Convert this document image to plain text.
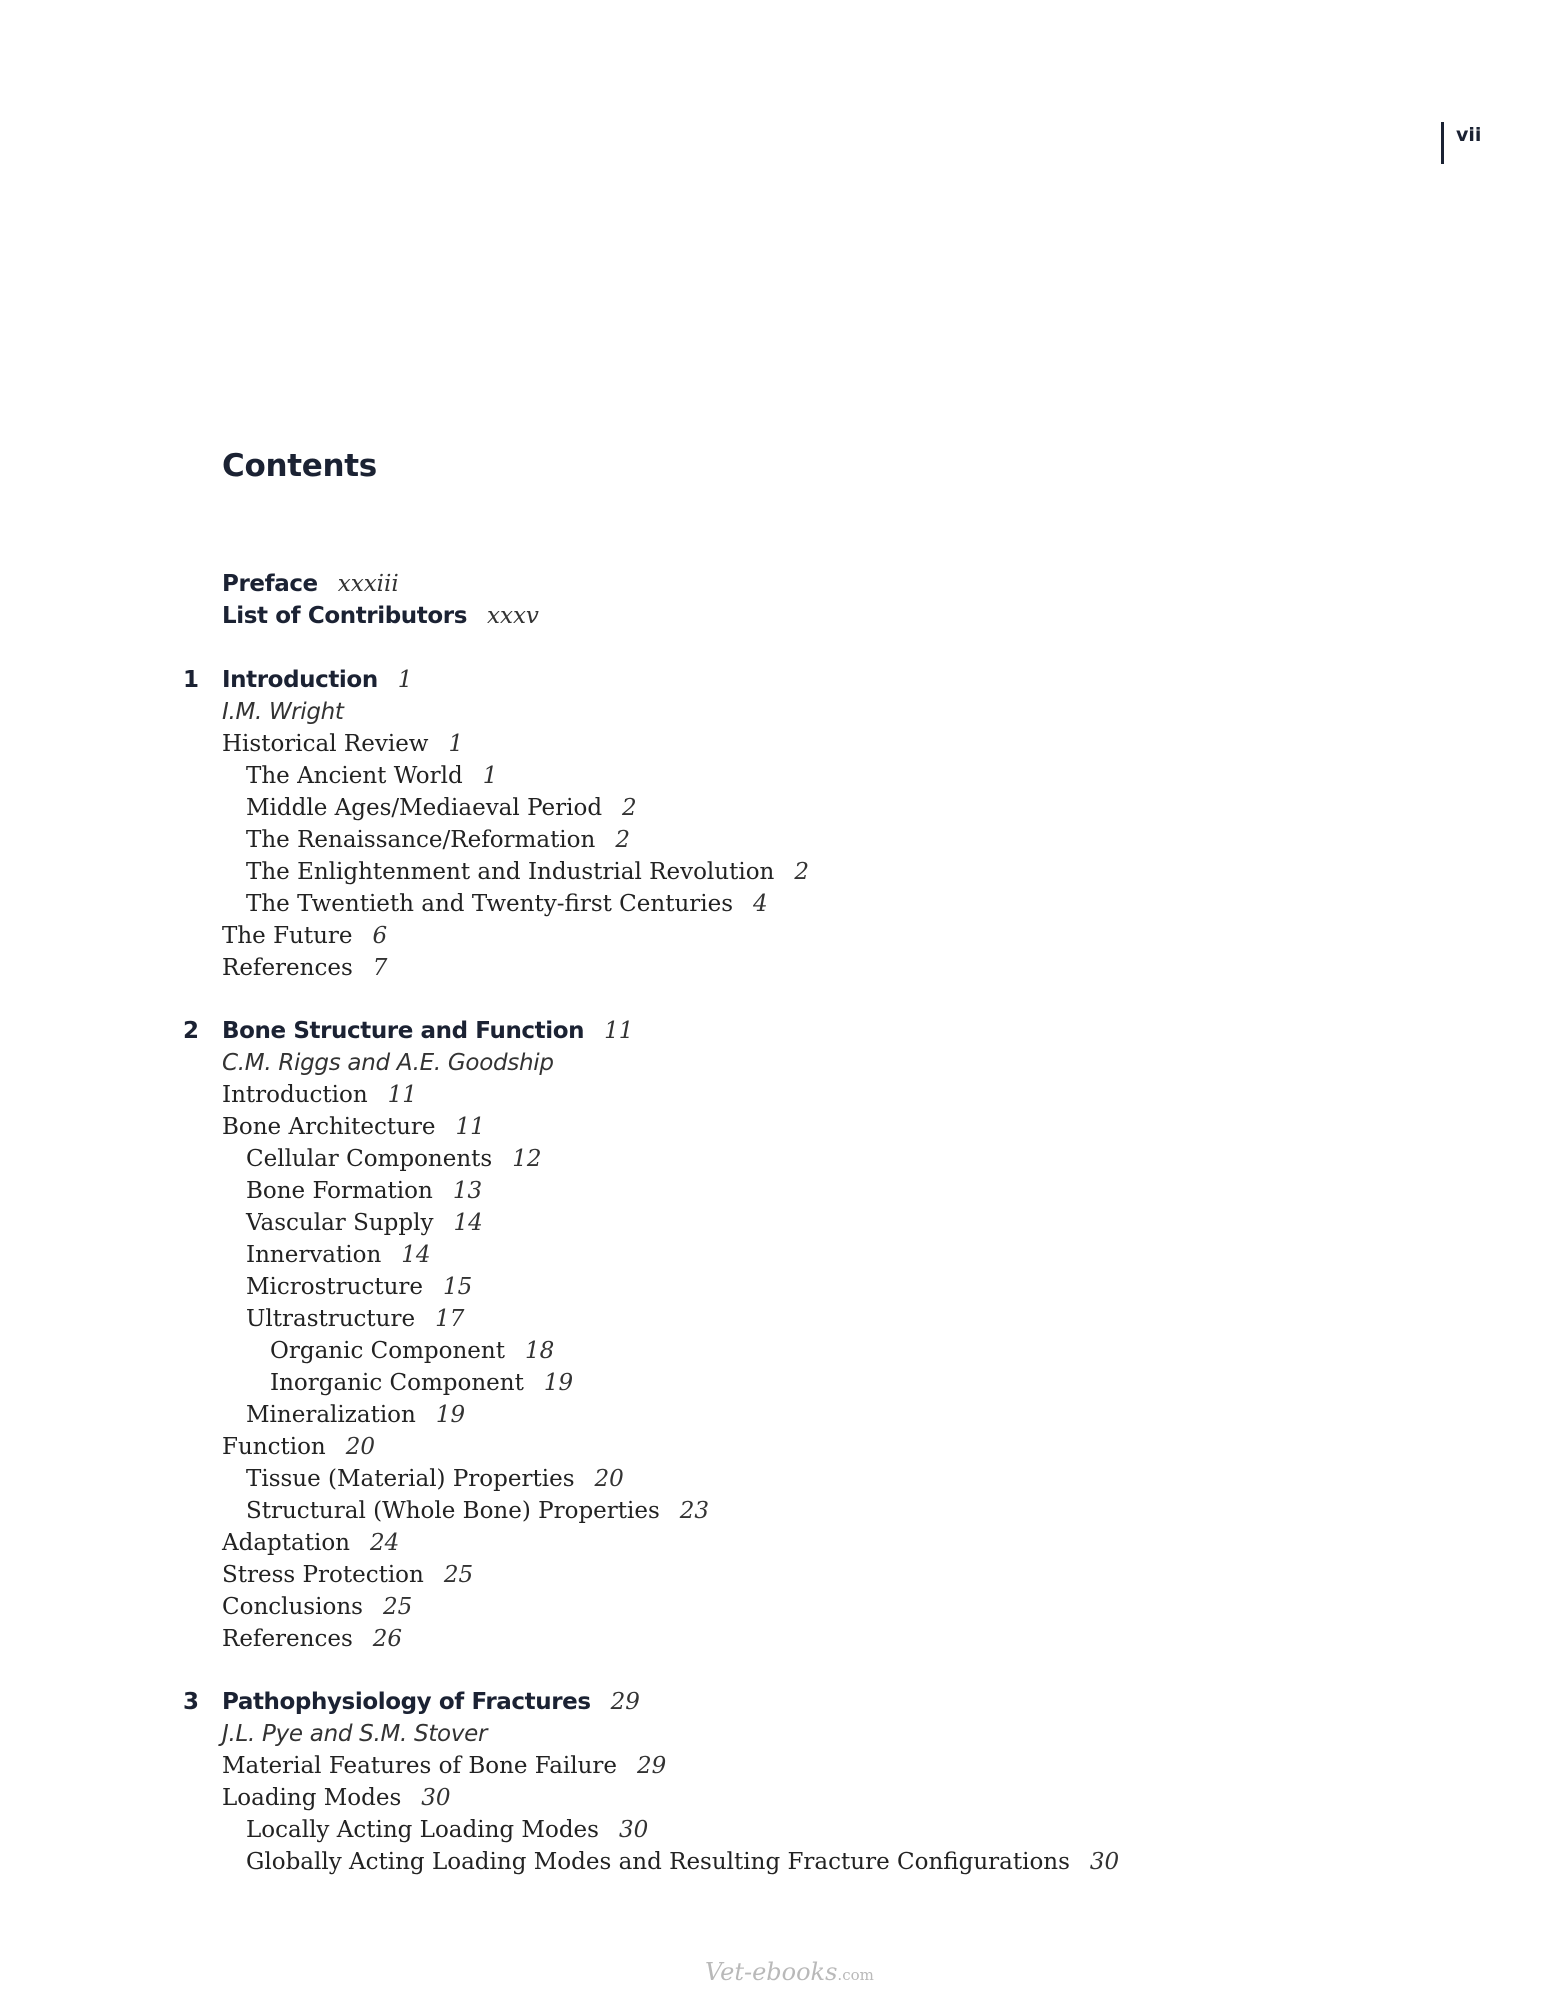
vii
Contents
Preface xxxiii
List of Contributors xxxv
1 Introduction 1
I.M. Wright
Historical Review 1
The Ancient World 1
Middle Ages/Mediaeval Period 2
The Renaissance/Reformation 2
The Enlightenment and Industrial Revolution 2
The Twentieth and Twenty-first Centuries 4
The Future 6
References 7
2 Bone Structure and Function 11
C.M. Riggs and A.E. Goodship
Introduction 11
Bone Architecture 11
Cellular Components 12
Bone Formation 13
Vascular Supply 14
Innervation 14
Microstructure 15
Ultrastructure 17
Organic Component 18
Inorganic Component 19
Mineralization 19
Function 20
Tissue (Material) Properties 20
Structural (Whole Bone) Properties 23
Adaptation 24
Stress Protection 25
Conclusions 25
References 26
3 Pathophysiology of Fractures 29
J.L. Pye and S.M. Stover
Material Features of Bone Failure 29
Loading Modes 30
Locally Acting Loading Modes 30
Globally Acting Loading Modes and Resulting Fracture Configurations 30
Vet-ebooks.com
